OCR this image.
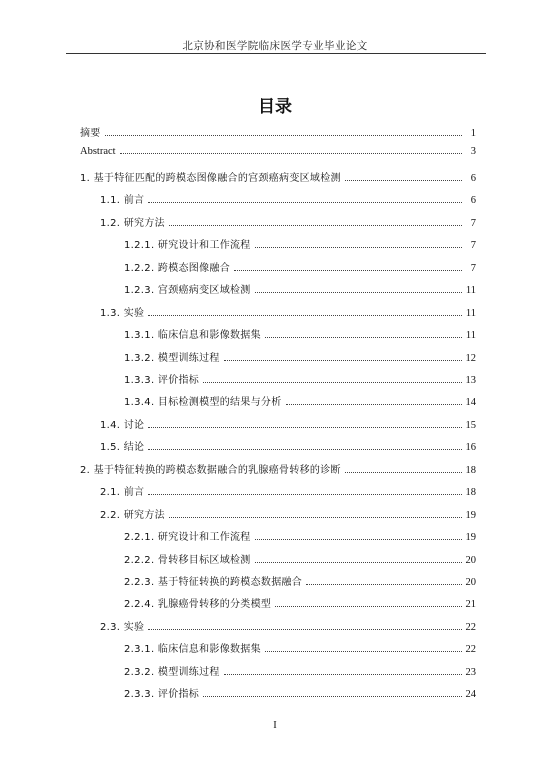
北京协和医学院临床医学专业毕业论文
目录
摘要	1
Abstract	3
1. 基于特征匹配的跨模态图像融合的宫颈癌病变区域检测	6
1.1. 前言	6
1.2. 研究方法	7
1.2.1. 研究设计和工作流程	7
1.2.2. 跨模态图像融合	7
1.2.3. 宫颈癌病变区域检测	11
1.3. 实验	11
1.3.1. 临床信息和影像数据集	11
1.3.2. 模型训练过程	12
1.3.3. 评价指标	13
1.3.4. 目标检测模型的结果与分析	14
1.4. 讨论	15
1.5. 结论	16
2. 基于特征转换的跨模态数据融合的乳腺癌骨转移的诊断	18
2.1. 前言	18
2.2. 研究方法	19
2.2.1. 研究设计和工作流程	19
2.2.2. 骨转移目标区域检测	20
2.2.3. 基于特征转换的跨模态数据融合	20
2.2.4. 乳腺癌骨转移的分类模型	21
2.3. 实验	22
2.3.1. 临床信息和影像数据集	22
2.3.2. 模型训练过程	23
2.3.3. 评价指标	24
I
